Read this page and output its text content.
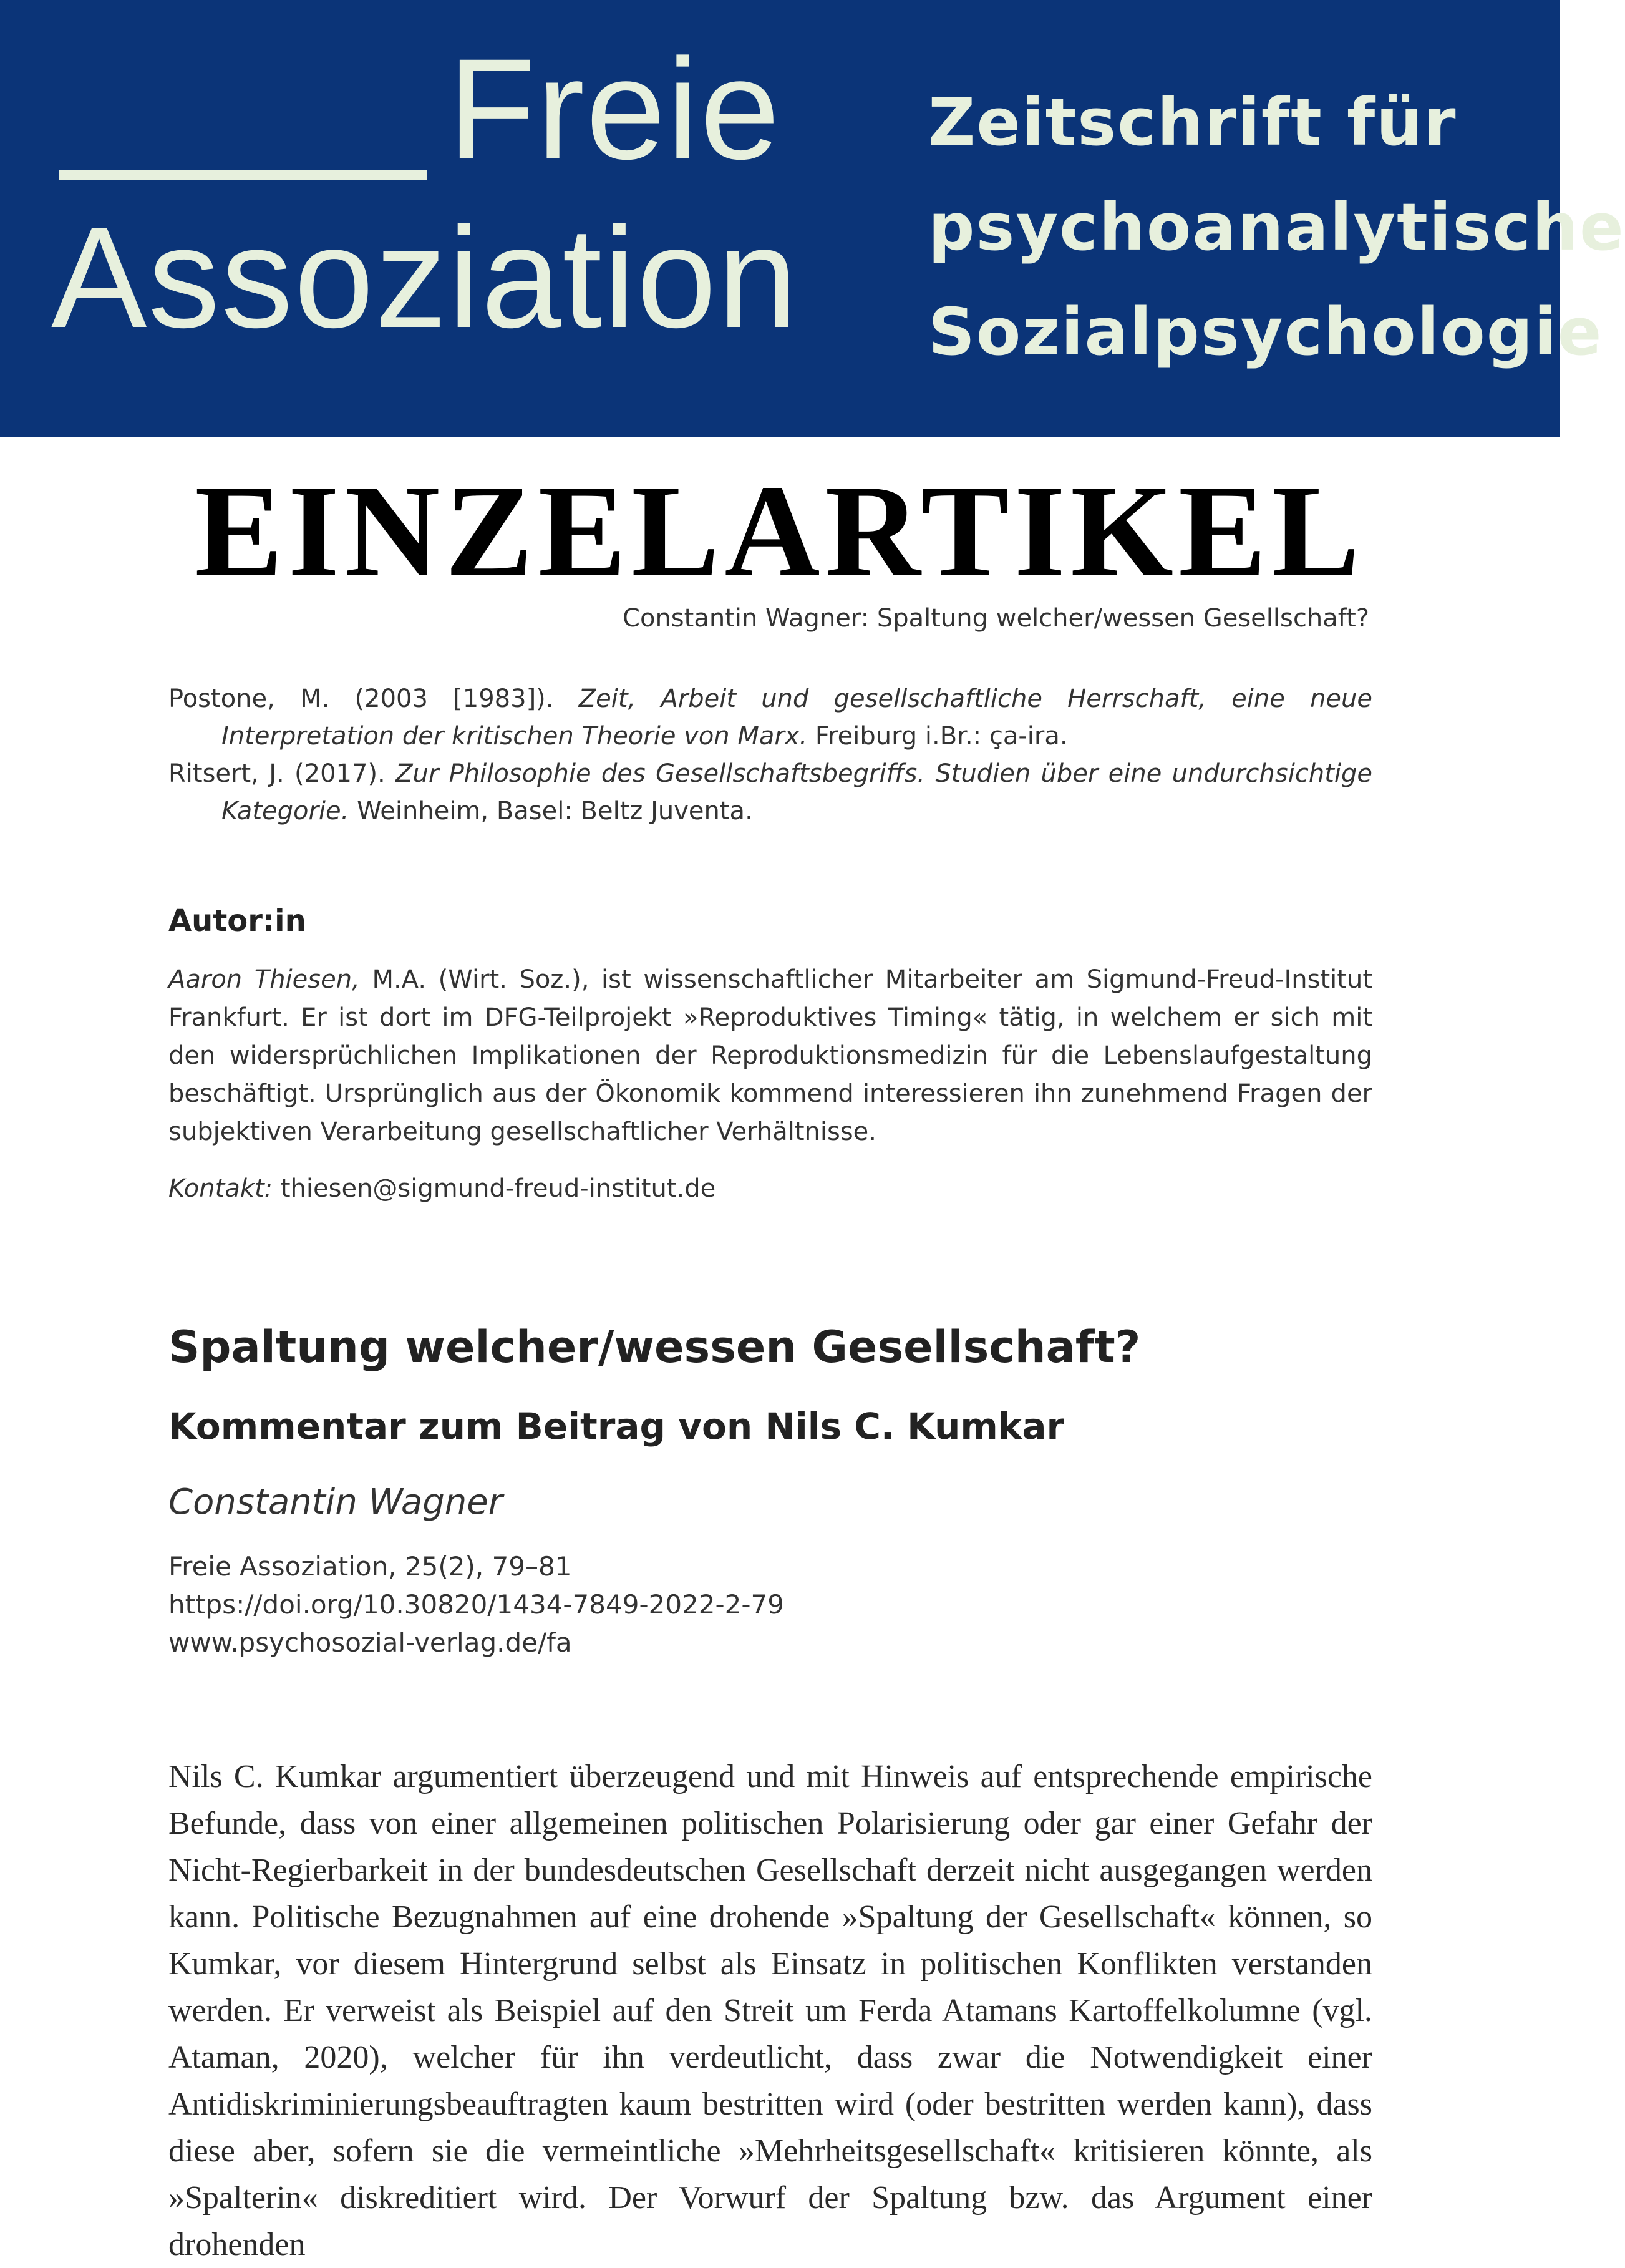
Freie
Assoziation
Zeitschrift für
psychoanalytische
Sozialpsychologie
EINZELARTIKEL
Constantin Wagner: Spaltung welcher/wessen Gesellschaft?

Postone, M. (2003 [1983]). Zeit, Arbeit und gesellschaftliche Herrschaft, eine neue Interpretation der kritischen Theorie von Marx. Freiburg i.Br.: ça-ira.

Ritsert, J. (2017). Zur Philosophie des Gesellschaftsbegriffs. Studien über eine undurchsichtige Kategorie. Weinheim, Basel: Beltz Juventa.

Autor:in
Aaron Thiesen, M.A. (Wirt. Soz.), ist wissenschaftlicher Mitarbeiter am Sigmund-Freud-Institut Frankfurt. Er ist dort im DFG-Teilprojekt »Reproduktives Timing« tätig, in welchem er sich mit den widersprüchlichen Implikationen der Reproduktionsmedizin für die Lebenslaufgestaltung beschäftigt. Ursprünglich aus der Ökonomik kommend interessieren ihn zunehmend Fragen der subjektiven Verarbeitung gesellschaftlicher Verhältnisse.
Kontakt: thiesen@sigmund-freud-institut.de
Spaltung welcher/wessen Gesellschaft?
Kommentar zum Beitrag von Nils C. Kumkar
Constantin Wagner
Freie Assoziation, 25(2), 79–81
https://doi.org/10.30820/1434-7849-2022-2-79
www.psychosozial-verlag.de/fa
Nils C. Kumkar argumentiert überzeugend und mit Hinweis auf entsprechende empirische Befunde, dass von einer allgemeinen politischen Polarisierung oder gar einer Gefahr der Nicht-Regierbarkeit in der bundesdeutschen Gesellschaft derzeit nicht ausgegangen werden kann. Politische Bezugnahmen auf eine drohende »Spaltung der Gesellschaft« können, so Kumkar, vor diesem Hintergrund selbst als Einsatz in politischen Konflikten verstanden werden. Er verweist als Beispiel auf den Streit um Ferda Atamans Kartoffelkolumne (vgl. Ataman, 2020), welcher für ihn verdeutlicht, dass zwar die Notwendigkeit einer Antidiskriminierungsbeauftragten kaum bestritten wird (oder bestritten werden kann), dass diese aber, sofern sie die vermeintliche »Mehrheitsgesellschaft« kritisieren könnte, als »Spalterin« diskreditiert wird. Der Vorwurf der Spaltung bzw. das Argument einer drohenden
